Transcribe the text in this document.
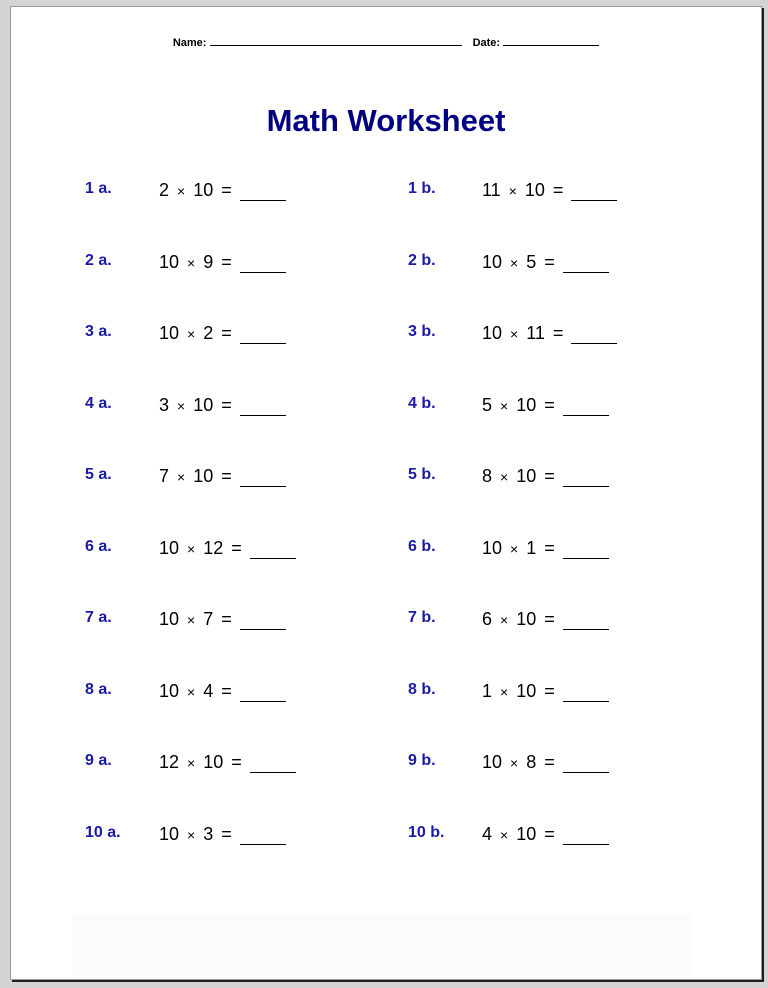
Name:	Date:
Math Worksheet
1 a.	2 × 10 =	1 b.	11 × 10 =
2 a.	10 × 9 =	2 b.	10 × 5 =
3 a.	10 × 2 =	3 b.	10 × 11 =
4 a.	3 × 10 =	4 b.	5 × 10 =
5 a.	7 × 10 =	5 b.	8 × 10 =
6 a.	10 × 12 =	6 b.	10 × 1 =
7 a.	10 × 7 =	7 b.	6 × 10 =
8 a.	10 × 4 =	8 b.	1 × 10 =
9 a.	12 × 10 =	9 b.	10 × 8 =
10 a. 10 × 3 =	10 b. 4 × 10 =
